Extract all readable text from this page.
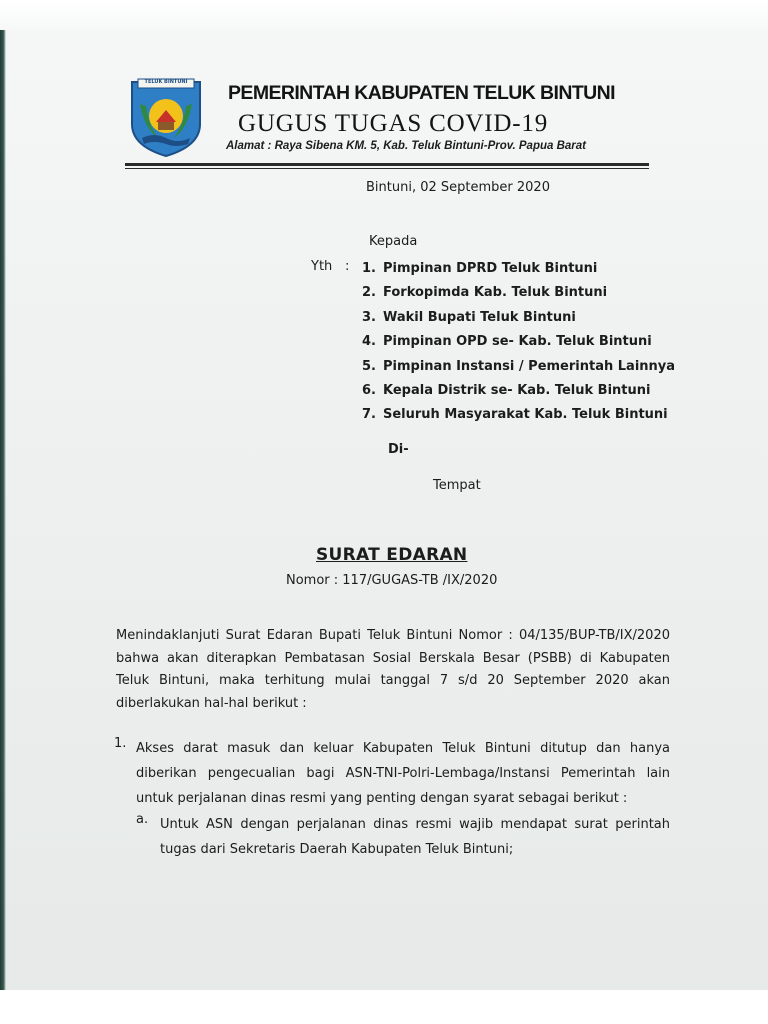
TELUK BINTUNI	PEMERINTAH KABUPATEN TELUK BINTUNI
GUGUS TUGAS COVID-19
Alamat : Raya Sibena KM. 5, Kab. Teluk Bintuni-Prov. Papua Barat
Bintuni, 02 September 2020
Kepada
Yth : 1. Pimpinan DPRD Teluk Bintuni
2. Forkopimda Kab. Teluk Bintuni
3. Wakil Bupati Teluk Bintuni
4. Pimpinan OPD se- Kab. Teluk Bintuni
5. Pimpinan Instansi / Pemerintah Lainnya
6. Kepala Distrik se- Kab. Teluk Bintuni
7. Seluruh Masyarakat Kab. Teluk Bintuni
Di-
Tempat
SURAT EDARAN
Nomor : 117/GUGAS-TB /IX/2020

Menindaklanjuti Surat Edaran Bupati Teluk Bintuni Nomor : 04/135/BUP-TB/IX/2020 bahwa akan diterapkan Pembatasan Sosial Berskala Besar (PSBB) di Kabupaten Teluk Bintuni, maka terhitung mulai tanggal 7 s/d 20 September 2020 akan diberlakukan hal-hal berikut :

1. Akses darat masuk dan keluar Kabupaten Teluk Bintuni ditutup dan hanya diberikan pengecualian bagi ASN-TNI-Polri-Lembaga/Instansi Pemerintah lain untuk perjalanan dinas resmi yang penting dengan syarat sebagai berikut :

a. Untuk ASN dengan perjalanan dinas resmi wajib mendapat surat perintah tugas dari Sekretaris Daerah Kabupaten Teluk Bintuni;
